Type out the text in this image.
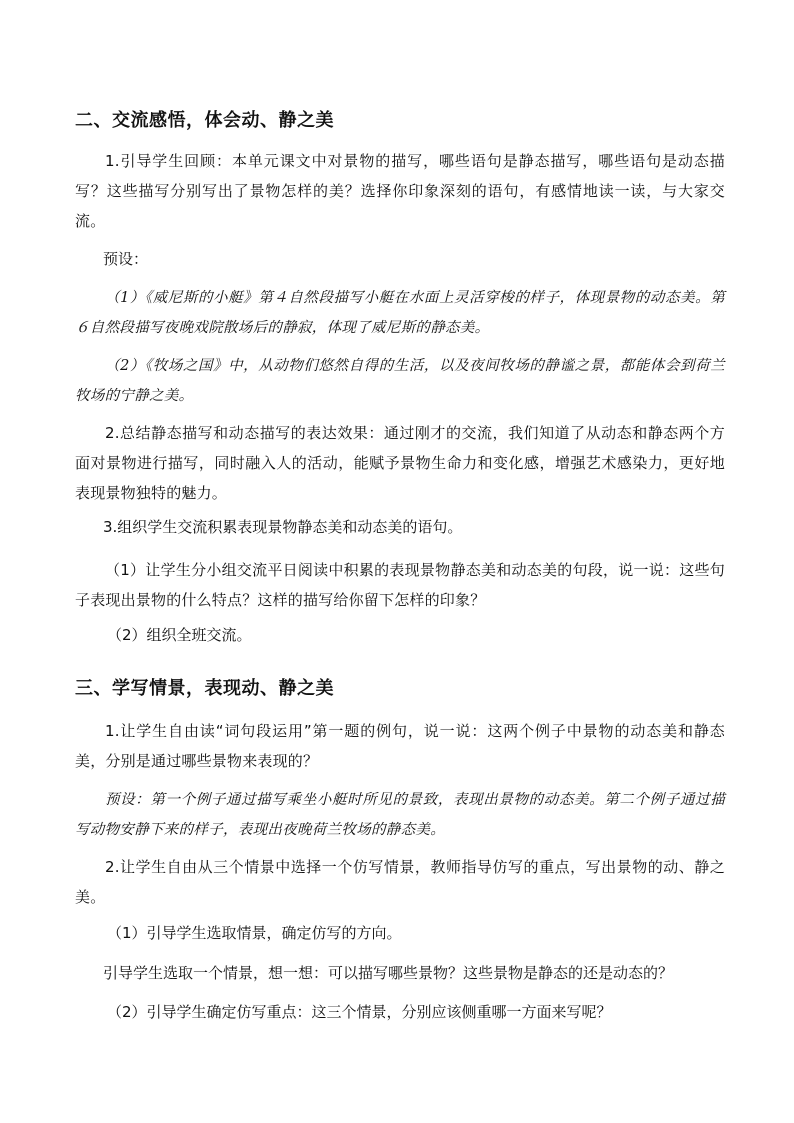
二、交流感悟，体会动、静之美

1.引导学生回顾：本单元课文中对景物的描写，哪些语句是静态描写，哪些语句是动态描写？这些描写分别写出了景物怎样的美？选择你印象深刻的语句，有感情地读一读，与大家交流。

预设：

（1）《威尼斯的小艇》第４自然段描写小艇在水面上灵活穿梭的样子，体现景物的动态美。第６自然段描写夜晚戏院散场后的静寂，体现了威尼斯的静态美。

（2）《牧场之国》中，从动物们悠然自得的生活，以及夜间牧场的静谧之景，都能体会到荷兰牧场的宁静之美。

2.总结静态描写和动态描写的表达效果：通过刚才的交流，我们知道了从动态和静态两个方面对景物进行描写，同时融入人的活动，能赋予景物生命力和变化感，增强艺术感染力，更好地表现景物独特的魅力。

3.组织学生交流积累表现景物静态美和动态美的语句。

（1）让学生分小组交流平日阅读中积累的表现景物静态美和动态美的句段，说一说：这些句子表现出景物的什么特点？这样的描写给你留下怎样的印象？

（2）组织全班交流。
三、学写情景，表现动、静之美

1.让学生自由读“词句段运用”第一题的例句，说一说：这两个例子中景物的动态美和静态美，分别是通过哪些景物来表现的？

预设：第一个例子通过描写乘坐小艇时所见的景致，表现出景物的动态美。第二个例子通过描写动物安静下来的样子，表现出夜晚荷兰牧场的静态美。

2.让学生自由从三个情景中选择一个仿写情景，教师指导仿写的重点，写出景物的动、静之美。

（1）引导学生选取情景，确定仿写的方向。
引导学生选取一个情景，想一想：可以描写哪些景物？这些景物是静态的还是动态的？
（2）引导学生确定仿写重点：这三个情景，分别应该侧重哪一方面来写呢？
